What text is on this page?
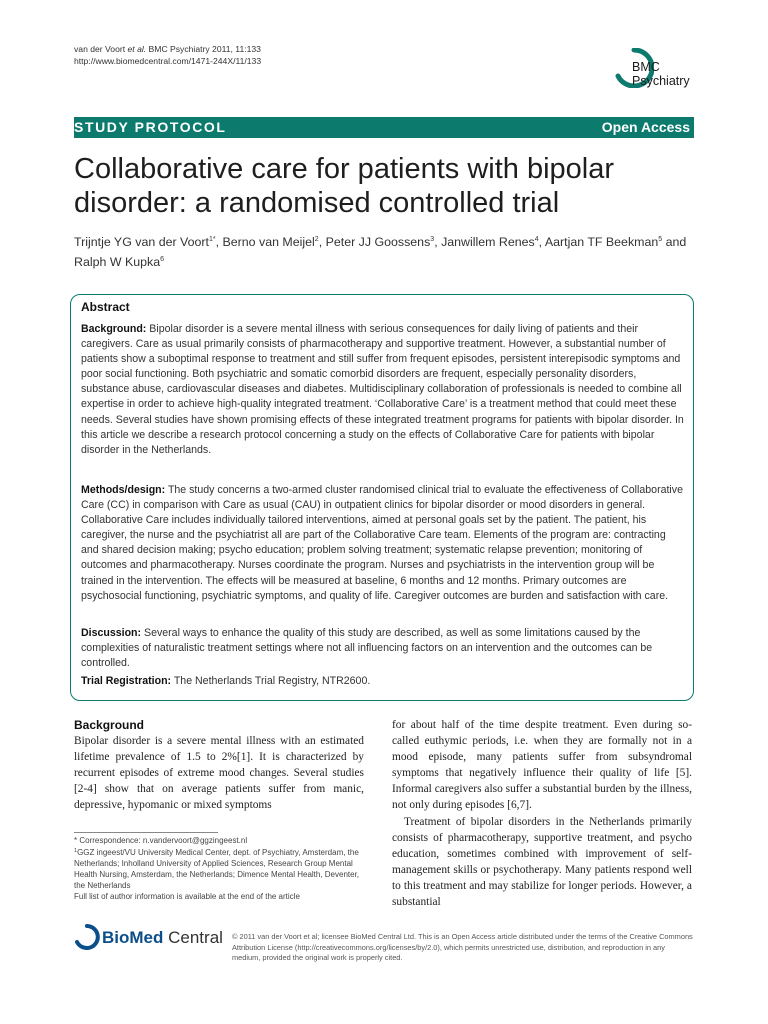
van der Voort et al. BMC Psychiatry 2011, 11:133
http://www.biomedcentral.com/1471-244X/11/133	BMC
Psychiatry
STUDY PROTOCOL	Open Access
Collaborative care for patients with bipolar disorder: a randomised controlled trial
Trijntje YG van der Voort$^{1*}$, Berno van Meijel$^2$, Peter JJ Goossens$^3$, Janwillem Renes$^4$, Aartjan TF Beekman$^5$ and
Ralph W Kupka$^6$
Abstract
Background: Bipolar disorder is a severe mental illness with serious consequences for daily living of patients and their caregivers. Care as usual primarily consists of pharmacotherapy and supportive treatment. However, a substantial number of patients show a suboptimal response to treatment and still suffer from frequent episodes, persistent interepisodic symptoms and poor social functioning. Both psychiatric and somatic comorbid disorders are frequent, especially personality disorders, substance abuse, cardiovascular diseases and diabetes. Multidisciplinary collaboration of professionals is needed to combine all expertise in order to achieve high-quality integrated treatment. ‘Collaborative Care’ is a treatment method that could meet these needs. Several studies have shown promising effects of these integrated treatment programs for patients with bipolar disorder. In this article we describe a research protocol concerning a study on the effects of Collaborative Care for patients with bipolar disorder in the Netherlands.
Methods/design: The study concerns a two-armed cluster randomised clinical trial to evaluate the effectiveness of Collaborative Care (CC) in comparison with Care as usual (CAU) in outpatient clinics for bipolar disorder or mood disorders in general. Collaborative Care includes individually tailored interventions, aimed at personal goals set by the patient. The patient, his caregiver, the nurse and the psychiatrist all are part of the Collaborative Care team. Elements of the program are: contracting and shared decision making; psycho education; problem solving treatment; systematic relapse prevention; monitoring of outcomes and pharmacotherapy. Nurses coordinate the program. Nurses and psychiatrists in the intervention group will be trained in the intervention. The effects will be measured at baseline, 6 months and 12 months. Primary outcomes are psychosocial functioning, psychiatric symptoms, and quality of life. Caregiver outcomes are burden and satisfaction with care.
Discussion: Several ways to enhance the quality of this study are described, as well as some limitations caused by the complexities of naturalistic treatment settings where not all influencing factors on an intervention and the outcomes can be controlled.
Trial Registration: The Netherlands Trial Registry, NTR2600.
Background

Bipolar disorder is a severe mental illness with an estimated lifetime prevalence of 1.5 to 2%[1]. It is characterized by recurrent episodes of extreme mood changes. Several studies [2-4] show that on average patients suffer from manic, depressive, hypomanic or mixed symptoms

for about half of the time despite treatment. Even during so-called euthymic periods, i.e. when they are formally not in a mood episode, many patients suffer from subsyndromal symptoms that negatively influence their quality of life [5]. Informal caregivers also suffer a substantial burden by the illness, not only during episodes [6,7].

Treatment of bipolar disorders in the Netherlands primarily consists of pharmacotherapy, supportive treatment, and psycho education, sometimes combined with improvement of self-management skills or psychotherapy. Many patients respond well to this treatment and may stabilize for longer periods. However, a substantial

* Correspondence: n.vandervoort@ggzingeest.nl
$^1$GGZ ingeest/VU University Medical Center, dept. of Psychiatry, Amsterdam, the Netherlands; Inholland University of Applied Sciences, Research Group Mental Health Nursing, Amsterdam, the Netherlands; Dimence Mental Health, Deventer, the Netherlands
Full list of author information is available at the end of the article
BioMed Central © 2011 van der Voort et al; licensee BioMed Central Ltd. This is an Open Access article distributed under the terms of the Creative Commons Attribution License (http://creativecommons.org/licenses/by/2.0), which permits unrestricted use, distribution, and reproduction in any medium, provided the original work is properly cited.
